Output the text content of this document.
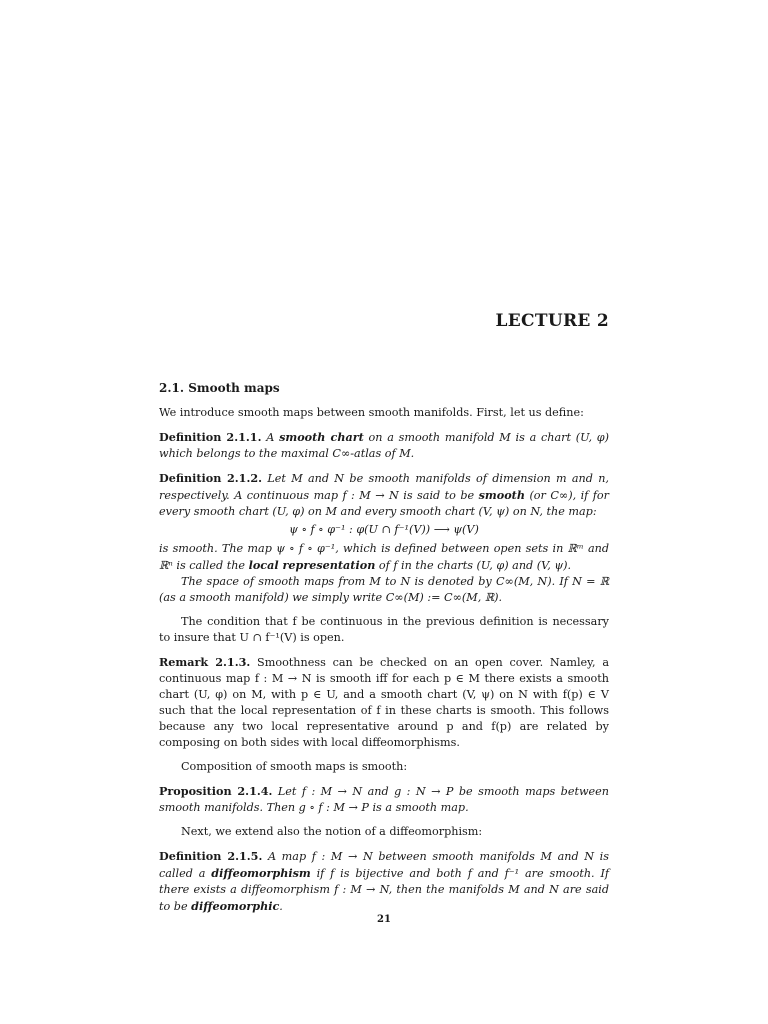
LECTURE 2
2.1. Smooth maps

We introduce smooth maps between smooth manifolds. First, let us define:

Definition 2.1.1. A smooth chart on a smooth manifold M is a chart (U, φ) which belongs to the maximal C∞-atlas of M.
Definition 2.1.2. Let M and N be smooth manifolds of dimension m and n, respectively. A continuous map f : M → N is said to be smooth (or C∞), if for every smooth chart (U, φ) on M and every smooth chart (V, ψ) on N, the map:
ψ ∘ f ∘ φ⁻¹ : φ(U ∩ f⁻¹(V)) ⟶ ψ(V)
is smooth. The map ψ ∘ f ∘ φ⁻¹, which is defined between open sets in ℝᵐ and ℝⁿ is called the local representation of f in the charts (U, φ) and (V, ψ).
The space of smooth maps from M to N is denoted by C∞(M, N). If N = ℝ (as a smooth manifold) we simply write C∞(M) := C∞(M, ℝ).

The condition that f be continuous in the previous definition is necessary to insure that U ∩ f⁻¹(V) is open.

Remark 2.1.3. Smoothness can be checked on an open cover. Namley, a continuous map f : M → N is smooth iff for each p ∈ M there exists a smooth chart (U, φ) on M, with p ∈ U, and a smooth chart (V, ψ) on N with f(p) ∈ V such that the local representation of f in these charts is smooth. This follows because any two local representative around p and f(p) are related by composing on both sides with local diffeomorphisms.

Composition of smooth maps is smooth:

Proposition 2.1.4. Let f : M → N and g : N → P be smooth maps between smooth manifolds. Then g ∘ f : M → P is a smooth map.

Next, we extend also the notion of a diffeomorphism:

Definition 2.1.5. A map f : M → N between smooth manifolds M and N is called a diffeomorphism if f is bijective and both f and f⁻¹ are smooth. If there exists a diffeomorphism f : M → N, then the manifolds M and N are said to be diffeomorphic.
21
